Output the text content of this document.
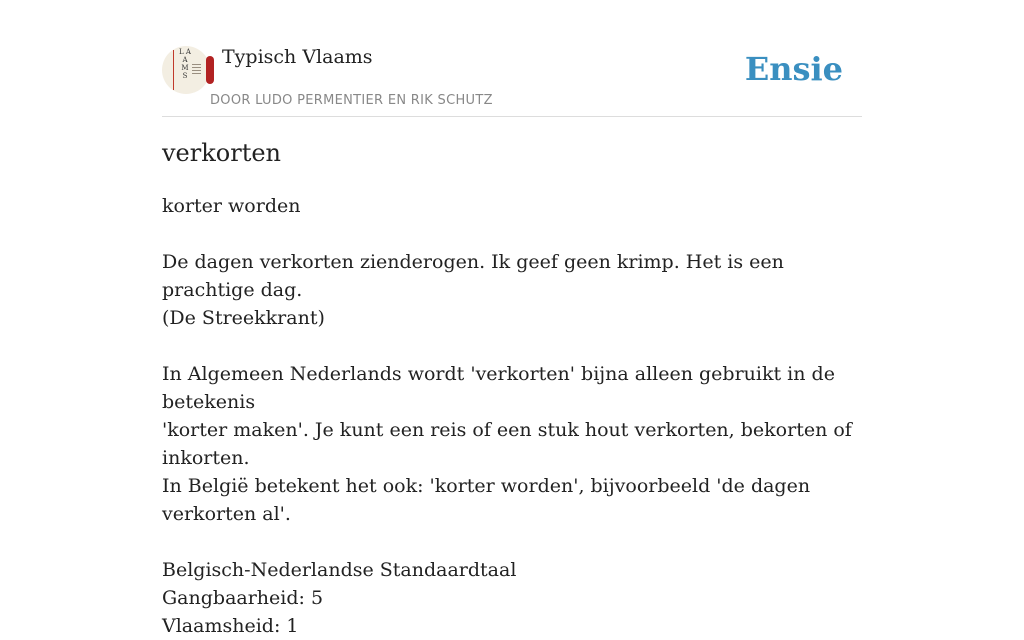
L A A M S
Typisch Vlaams
DOOR LUDO PERMENTIER EN RIK SCHUTZ
Ensie
verkorten

korter worden

De dagen verkorten zienderogen. Ik geef geen krimp. Het is een prachtige dag.
(De Streekkrant)

In Algemeen Nederlands wordt 'verkorten' bijna alleen gebruikt in de betekenis
'korter maken'. Je kunt een reis of een stuk hout verkorten, bekorten of inkorten.
In België betekent het ook: 'korter worden', bijvoorbeeld 'de dagen verkorten al'.

Belgisch-Nederlandse Standaardtaal
Gangbaarheid: 5
Vlaamsheid: 1
